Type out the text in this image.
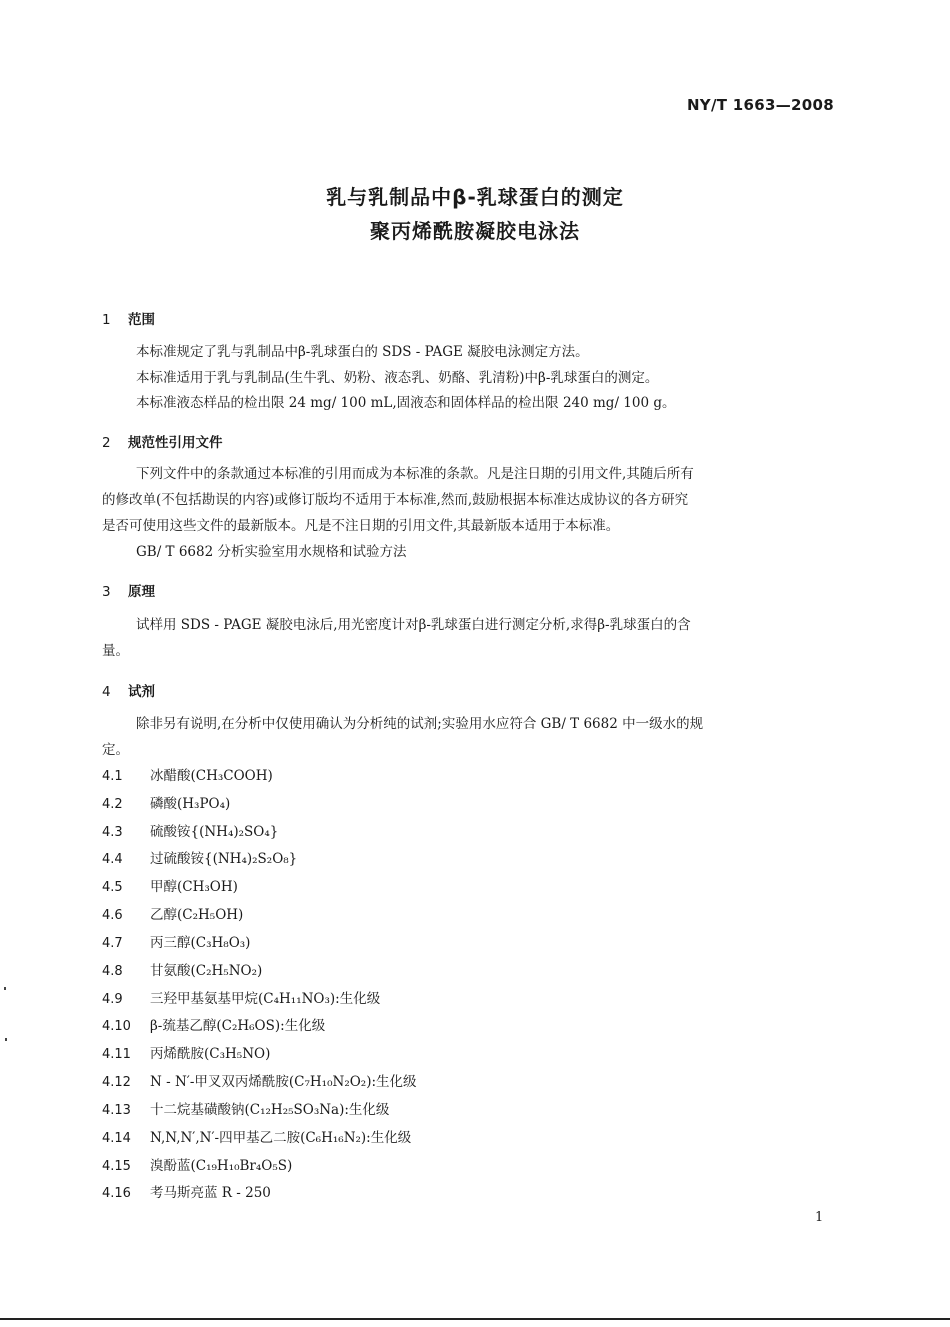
NY/T 1663—2008
乳与乳制品中β-乳球蛋白的测定
聚丙烯酰胺凝胶电泳法
1 范围
本标准规定了乳与乳制品中β-乳球蛋白的 SDS - PAGE 凝胶电泳测定方法。
本标准适用于乳与乳制品(生牛乳、奶粉、液态乳、奶酪、乳清粉)中β-乳球蛋白的测定。
本标准液态样品的检出限 24 mg/ 100 mL,固液态和固体样品的检出限 240 mg/ 100 g。
2 规范性引用文件
下列文件中的条款通过本标准的引用而成为本标准的条款。凡是注日期的引用文件,其随后所有
的修改单(不包括勘误的内容)或修订版均不适用于本标准,然而,鼓励根据本标准达成协议的各方研究
是否可使用这些文件的最新版本。凡是不注日期的引用文件,其最新版本适用于本标准。
GB/ T 6682 分析实验室用水规格和试验方法
3 原理
试样用 SDS - PAGE 凝胶电泳后,用光密度计对β-乳球蛋白进行测定分析,求得β-乳球蛋白的含
量。
4 试剂
除非另有说明,在分析中仅使用确认为分析纯的试剂;实验用水应符合 GB/ T 6682 中一级水的规
定。
4.1 冰醋酸(CH₃COOH)
4.2 磷酸(H₃PO₄)
4.3 硫酸铵{(NH₄)₂SO₄}
4.4 过硫酸铵{(NH₄)₂S₂O₈}
4.5 甲醇(CH₃OH)
4.6 乙醇(C₂H₅OH)
4.7 丙三醇(C₃H₈O₃)
4.8 甘氨酸(C₂H₅NO₂)
4.9 三羟甲基氨基甲烷(C₄H₁₁NO₃):生化级
4.10 β-巯基乙醇(C₂H₆OS):生化级
4.11 丙烯酰胺(C₃H₅NO)
4.12 N - N′-甲叉双丙烯酰胺(C₇H₁₀N₂O₂):生化级
4.13 十二烷基磺酸钠(C₁₂H₂₅SO₃Na):生化级
4.14 N,N,N′,N′-四甲基乙二胺(C₆H₁₆N₂):生化级
4.15 溴酚蓝(C₁₉H₁₀Br₄O₅S)
4.16 考马斯亮蓝 R - 250
1
